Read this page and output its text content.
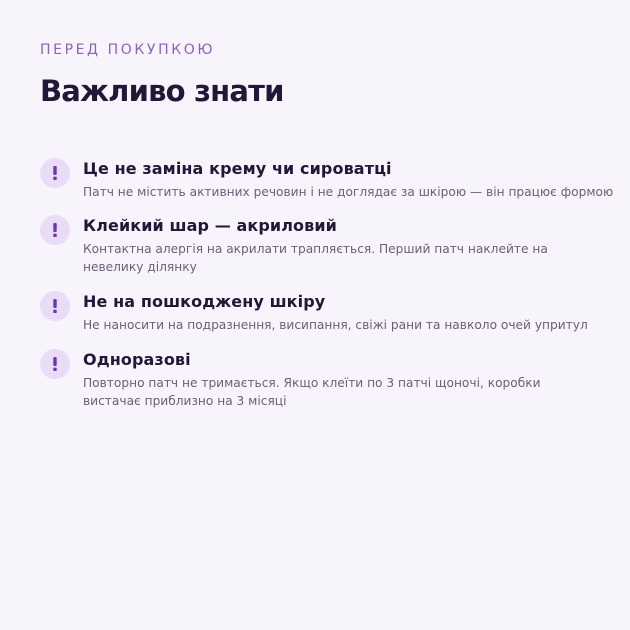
ПЕРЕД ПОКУПКОЮ

Важливо знати

Це не заміна крему чи сироватці

Патч не містить активних речовин і не доглядає за шкірою — він працює формою

Клейкий шар — акриловий

Контактна алергія на акрилати трапляється. Перший патч наклейте на невелику ділянку

Не на пошкоджену шкіру

Не наносити на подразнення, висипання, свіжі рани та навколо очей упритул

Одноразові

Повторно патч не тримається. Якщо клеїти по 3 патчі щоночі, коробки вистачає приблизно на 3 місяці
